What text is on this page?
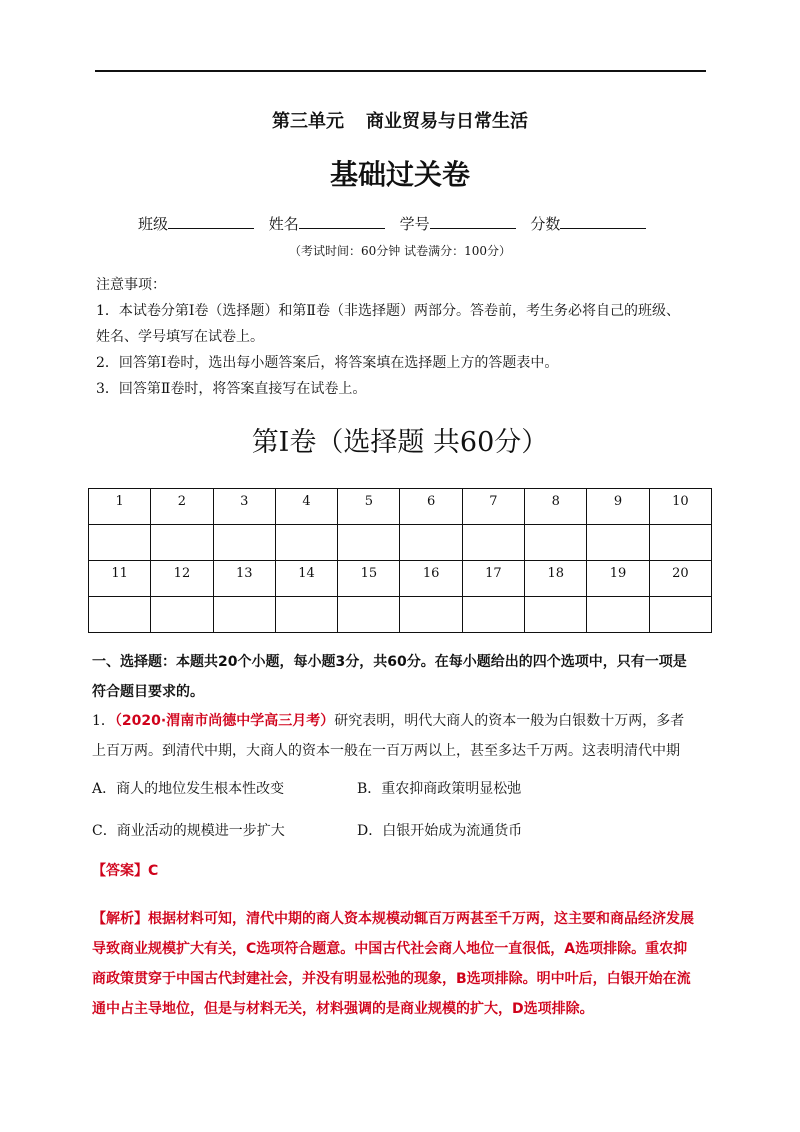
第三单元 商业贸易与日常生活
基础过关卷
班级	姓名	学号	分数
（考试时间：60分钟 试卷满分：100分）

注意事项：

1．本试卷分第Ⅰ卷（选择题）和第Ⅱ卷（非选择题）两部分。答卷前，考生务必将自己的班级、

姓名、学号填写在试卷上。

2．回答第Ⅰ卷时，选出每小题答案后，将答案填在选择题上方的答题表中。

3．回答第Ⅱ卷时，将答案直接写在试卷上。

第Ⅰ卷（选择题 共60分）
1	2	3	4	5	6	7	8	9	10

11	12	13	14	15	16	17	18	19	20

一、选择题：本题共20个小题，每小题3分，共60分。在每小题给出的四个选项中，只有一项是

符合题目要求的。

1．（2020·渭南市尚德中学高三月考）研究表明，明代大商人的资本一般为白银数十万两，多者

上百万两。到清代中期，大商人的资本一般在一百万两以上，甚至多达千万两。这表明清代中期

A．商人的地位发生根本性改变	B．重农抑商政策明显松弛
C．商业活动的规模进一步扩大	D．白银开始成为流通货币
【答案】C

【解析】根据材料可知，清代中期的商人资本规模动辄百万两甚至千万两，这主要和商品经济发展

导致商业规模扩大有关，C选项符合题意。中国古代社会商人地位一直很低，A选项排除。重农抑

商政策贯穿于中国古代封建社会，并没有明显松弛的现象，B选项排除。明中叶后，白银开始在流

通中占主导地位，但是与材料无关，材料强调的是商业规模的扩大，D选项排除。
